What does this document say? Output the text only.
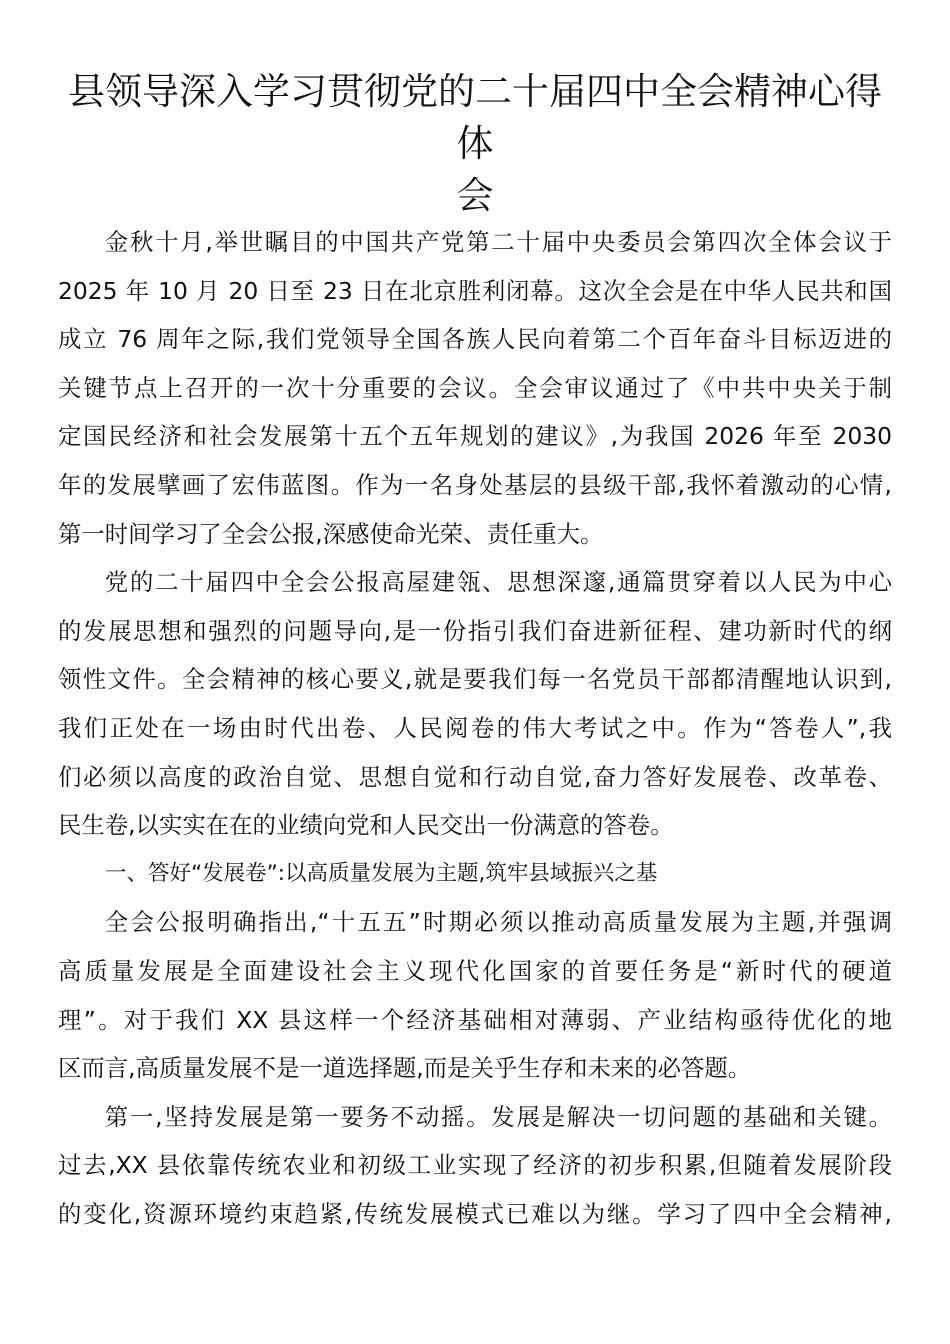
县领导深入学习贯彻党的二十届四中全会精神心得体
会
金秋十月,举世瞩目的中国共产党第二十届中央委员会第四次全体会议于
2025 年 10 月 20 日至 23 日在北京胜利闭幕。这次全会是在中华人民共和国
成立 76 周年之际,我们党领导全国各族人民向着第二个百年奋斗目标迈进的
关键节点上召开的一次十分重要的会议。全会审议通过了《中共中央关于制
定国民经济和社会发展第十五个五年规划的建议》,为我国 2026 年至 2030
年的发展擘画了宏伟蓝图。作为一名身处基层的县级干部,我怀着激动的心情,
第一时间学习了全会公报,深感使命光荣、责任重大。
党的二十届四中全会公报高屋建瓴、思想深邃,通篇贯穿着以人民为中心
的发展思想和强烈的问题导向,是一份指引我们奋进新征程、建功新时代的纲
领性文件。全会精神的核心要义,就是要我们每一名党员干部都清醒地认识到,
我们正处在一场由时代出卷、人民阅卷的伟大考试之中。作为“答卷人”,我
们必须以高度的政治自觉、思想自觉和行动自觉,奋力答好发展卷、改革卷、
民生卷,以实实在在的业绩向党和人民交出一份满意的答卷。
一、答好“发展卷”:以高质量发展为主题,筑牢县域振兴之基
全会公报明确指出,“十五五”时期必须以推动高质量发展为主题,并强调
高质量发展是全面建设社会主义现代化国家的首要任务是“新时代的硬道
理”。对于我们 XX 县这样一个经济基础相对薄弱、产业结构亟待优化的地
区而言,高质量发展不是一道选择题,而是关乎生存和未来的必答题。
第一,坚持发展是第一要务不动摇。发展是解决一切问题的基础和关键。
过去,XX 县依靠传统农业和初级工业实现了经济的初步积累,但随着发展阶段
的变化,资源环境约束趋紧,传统发展模式已难以为继。学习了四中全会精神,
